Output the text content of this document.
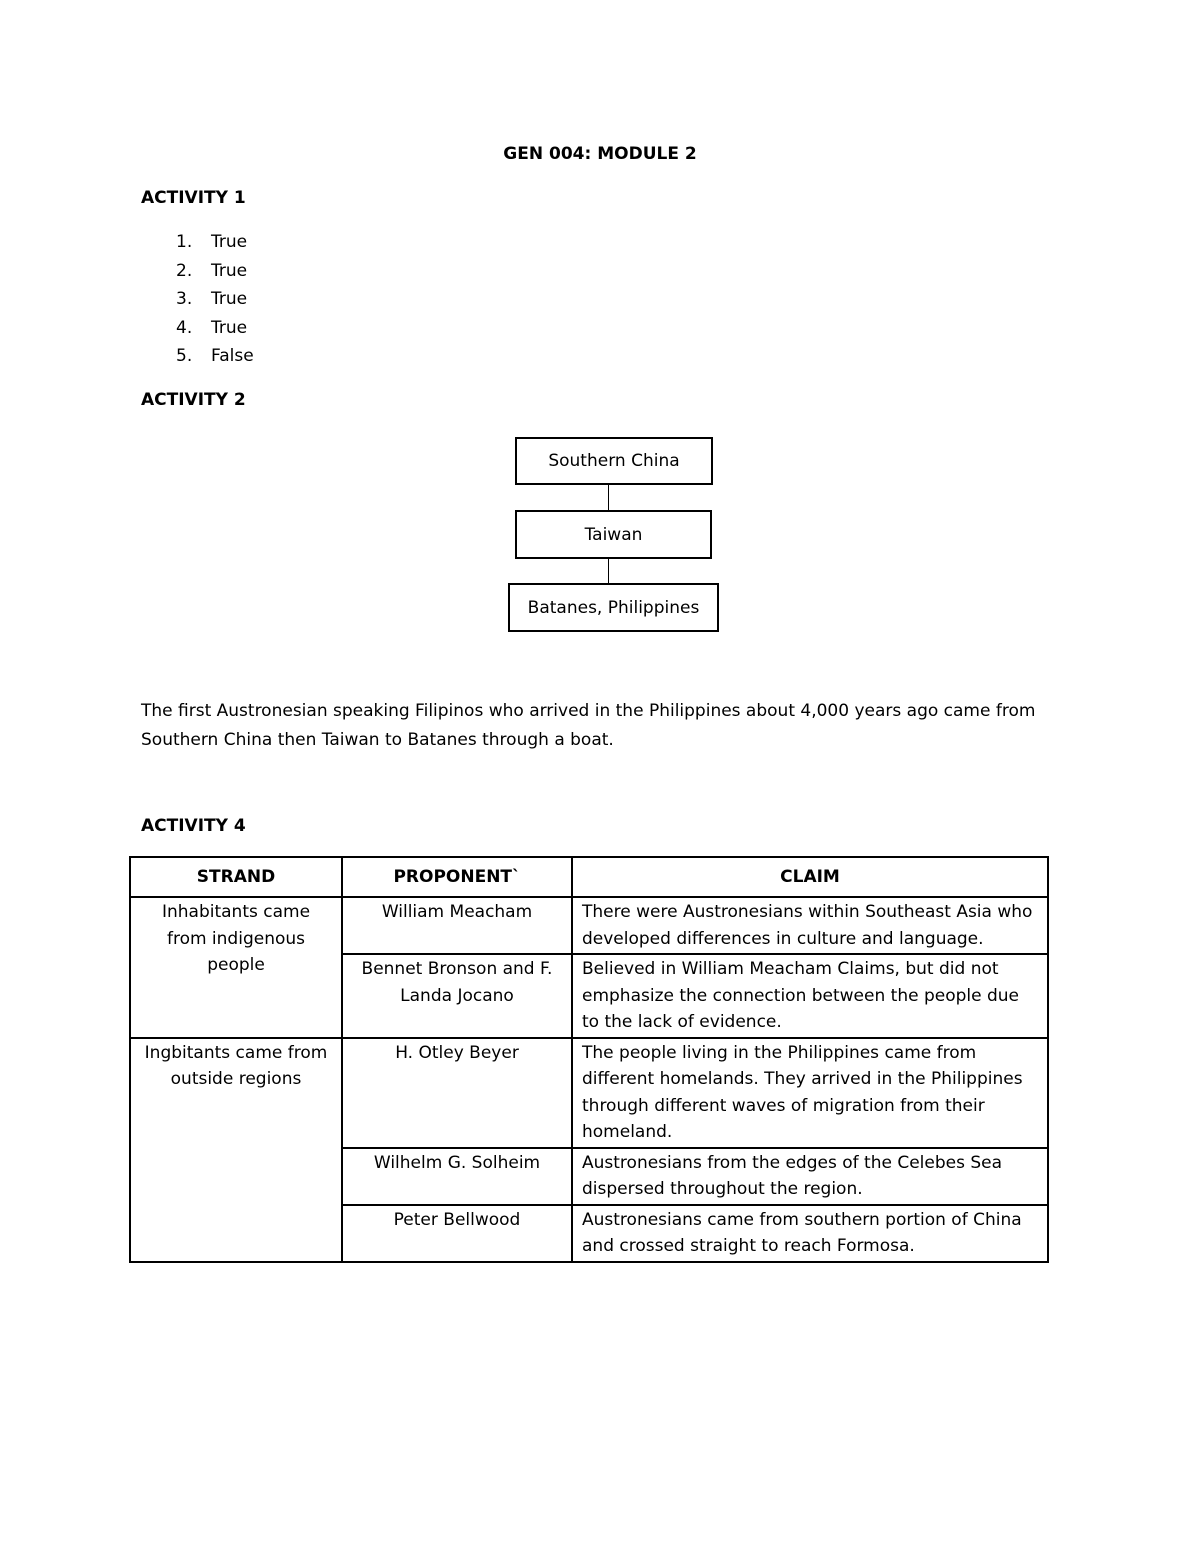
GEN 004: MODULE 2
ACTIVITY 1
1.	True
2.	True
3.	True
4.	True
5.	False
ACTIVITY 2
Southern China
Taiwan
Batanes, Philippines
The first Austronesian speaking Filipinos who arrived in the Philippines about 4,000 years ago came from Southern China then Taiwan to Batanes through a boat.
ACTIVITY 4
STRAND	PROPONENT`	CLAIM
Inhabitants came from indigenous people	William Meacham	There were Austronesians within Southeast Asia who developed differences in culture and language.
	Bennet Bronson and F. Landa Jocano	Believed in William Meacham Claims, but did not emphasize the connection between the people due to the lack of evidence.
Ingbitants came from outside regions	H. Otley Beyer	The people living in the Philippines came from different homelands. They arrived in the Philippines through different waves of migration from their homeland.
	Wilhelm G. Solheim	Austronesians from the edges of the Celebes Sea dispersed throughout the region.
	Peter Bellwood	Austronesians came from southern portion of China and crossed straight to reach Formosa.
